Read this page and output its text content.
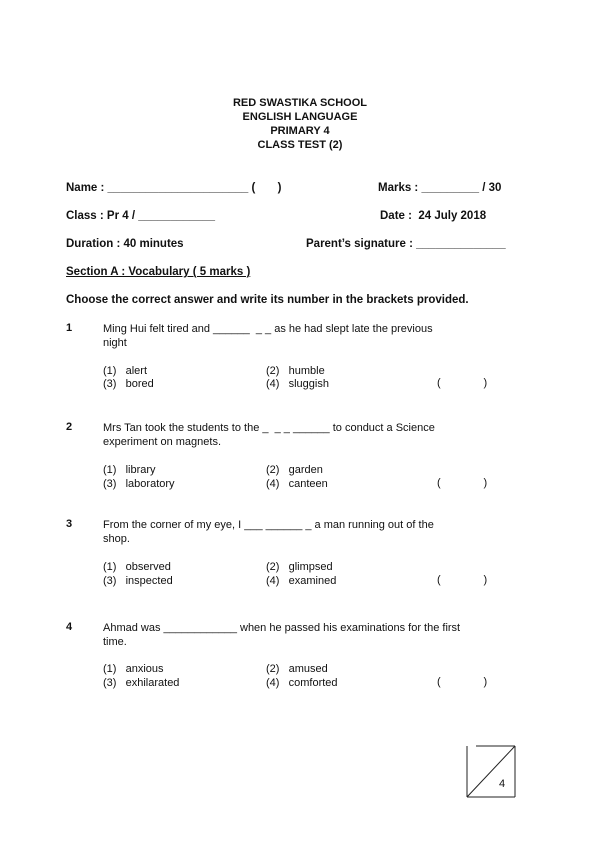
RED SWASTIKA SCHOOL
ENGLISH LANGUAGE
PRIMARY 4
CLASS TEST (2)
Name : ______________________ (       )	Marks : _________ / 30
Class : Pr 4 / ____________	Date :  24 July 2018
Duration : 40 minutes	Parent’s signature : ______________
Section A : Vocabulary ( 5 marks )
Choose the correct answer and write its number in the brackets provided.
1	Ming Hui felt tired and ______  _ _ as he had slept late the previous
night
(1)   alert	(2)   humble
(3)   bored	(4)   sluggish	(              )
2	Mrs Tan took the students to the _  _ _ ______ to conduct a Science
experiment on magnets.
(1)   library	(2)   garden
(3)   laboratory	(4)   canteen	(              )
3	From the corner of my eye, I ___ ______ _ a man running out of the
shop.
(1)   observed	(2)   glimpsed
(3)   inspected	(4)   examined	(              )
4	Ahmad was ____________ when he passed his examinations for the first
time.
(1)   anxious	(2)   amused
(3)   exhilarated	(4)   comforted	(              )
4
